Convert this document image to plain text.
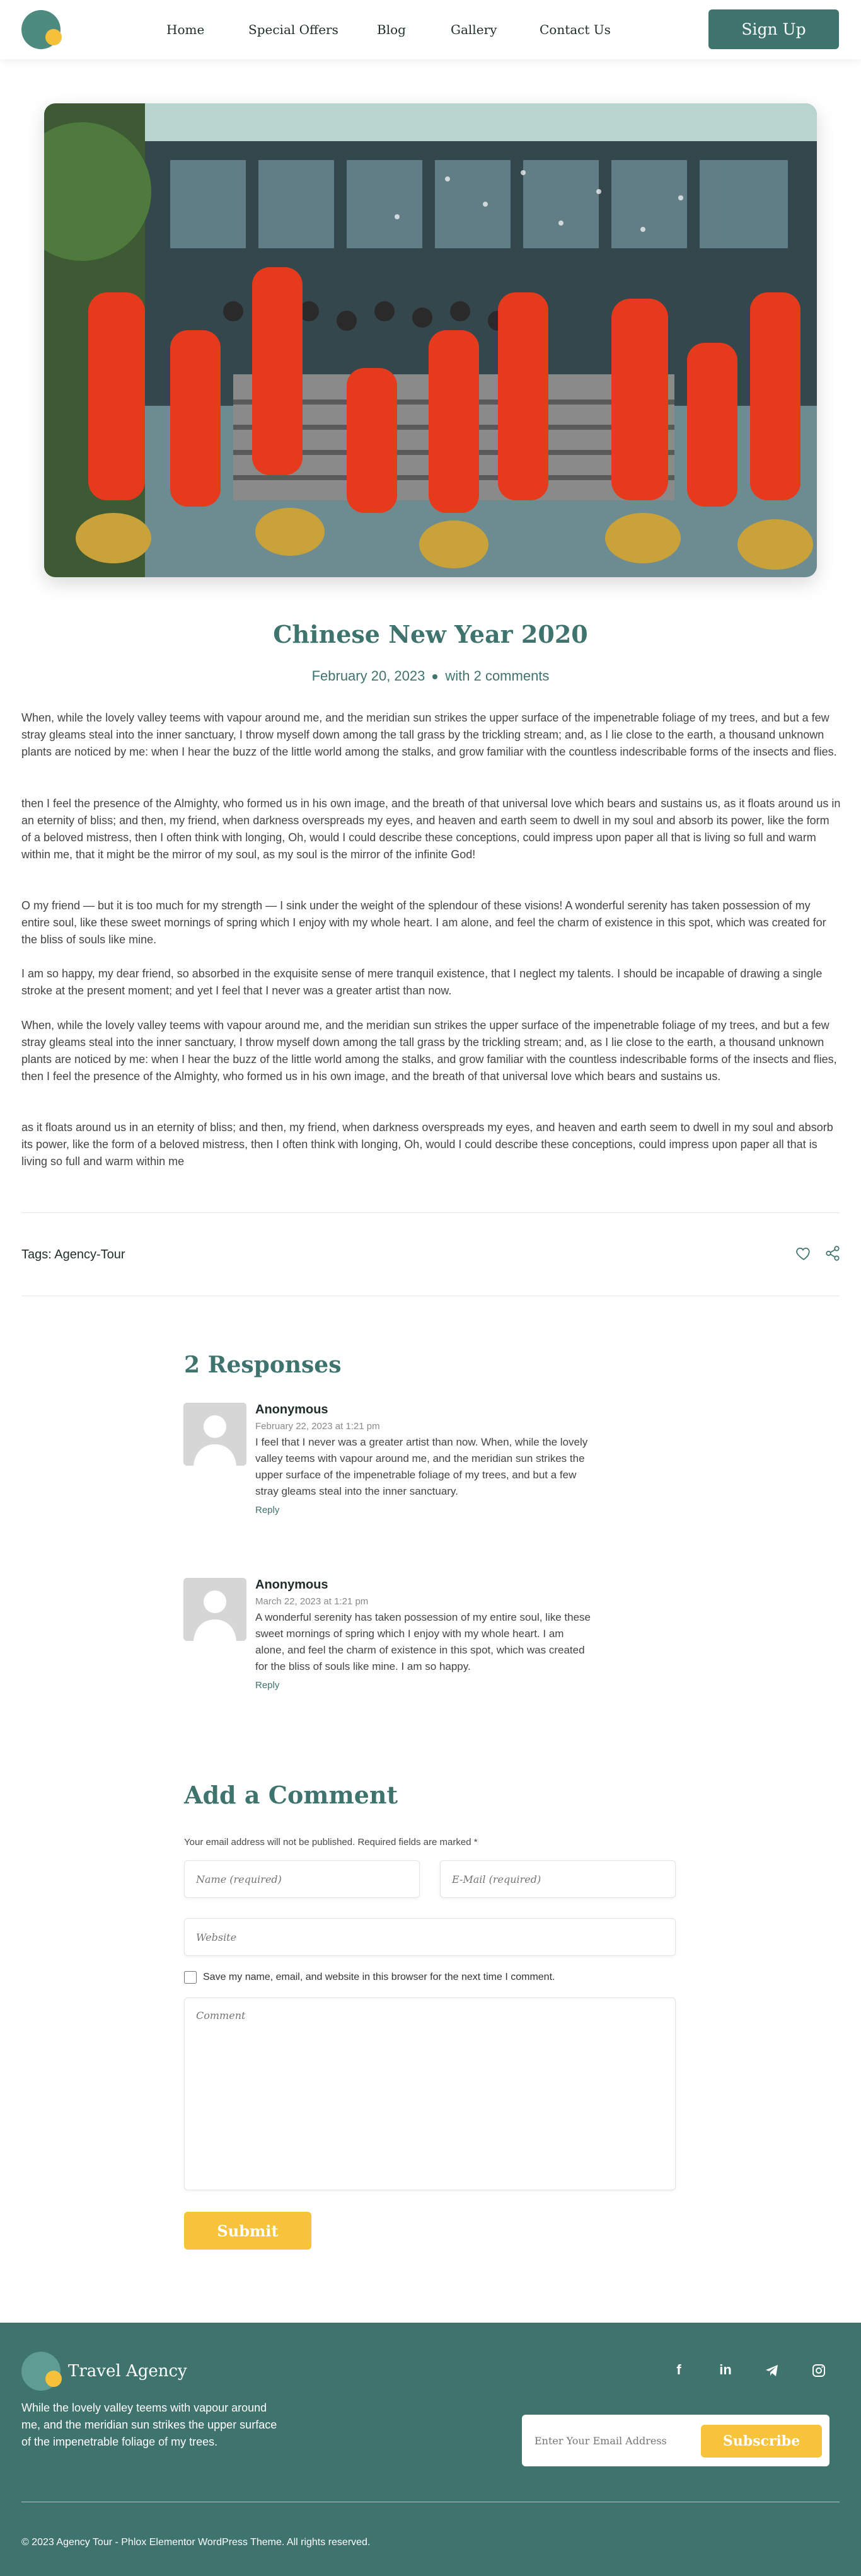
Home	Special Offers	Blog	Gallery	Contact Us	Sign Up
Chinese New Year 2020
February 20, 2023 with 2 comments

When, while the lovely valley teems with vapour around me, and the meridian sun strikes the upper surface of the impenetrable foliage of my trees, and but a few stray gleams steal into the inner sanctuary, I throw myself down among the tall grass by the trickling stream; and, as I lie close to the earth, a thousand unknown plants are noticed by me: when I hear the buzz of the little world among the stalks, and grow familiar with the countless indescribable forms of the insects and flies.

then I feel the presence of the Almighty, who formed us in his own image, and the breath of that universal love which bears and sustains us, as it floats around us in an eternity of bliss; and then, my friend, when darkness overspreads my eyes, and heaven and earth seem to dwell in my soul and absorb its power, like the form of a beloved mistress, then I often think with longing, Oh, would I could describe these conceptions, could impress upon paper all that is living so full and warm within me, that it might be the mirror of my soul, as my soul is the mirror of the infinite God!

O my friend — but it is too much for my strength — I sink under the weight of the splendour of these visions! A wonderful serenity has taken possession of my entire soul, like these sweet mornings of spring which I enjoy with my whole heart. I am alone, and feel the charm of existence in this spot, which was created for the bliss of souls like mine.

I am so happy, my dear friend, so absorbed in the exquisite sense of mere tranquil existence, that I neglect my talents. I should be incapable of drawing a single stroke at the present moment; and yet I feel that I never was a greater artist than now.

When, while the lovely valley teems with vapour around me, and the meridian sun strikes the upper surface of the impenetrable foliage of my trees, and but a few stray gleams steal into the inner sanctuary, I throw myself down among the tall grass by the trickling stream; and, as I lie close to the earth, a thousand unknown plants are noticed by me: when I hear the buzz of the little world among the stalks, and grow familiar with the countless indescribable forms of the insects and flies, then I feel the presence of the Almighty, who formed us in his own image, and the breath of that universal love which bears and sustains us.

as it floats around us in an eternity of bliss; and then, my friend, when darkness overspreads my eyes, and heaven and earth seem to dwell in my soul and absorb its power, like the form of a beloved mistress, then I often think with longing, Oh, would I could describe these conceptions, could impress upon paper all that is living so full and warm within me

Tags: Agency-Tour
2 Responses
Anonymous
February 22, 2023 at 1:21 pm
I feel that I never was a greater artist than now. When, while the lovely valley teems with vapour around me, and the meridian sun strikes the upper surface of the impenetrable foliage of my trees, and but a few stray gleams steal into the inner sanctuary.
Reply
Anonymous
March 22, 2023 at 1:21 pm
A wonderful serenity has taken possession of my entire soul, like these sweet mornings of spring which I enjoy with my whole heart. I am alone, and feel the charm of existence in this spot, which was created for the bliss of souls like mine. I am so happy.
Reply
Add a Comment
Your email address will not be published. Required fields are marked *
Name (required)
E-Mail (required)
Website
Save my name, email, and website in this browser for the next time I comment.
Comment
Submit
Travel Agency
While the lovely valley teems with vapour around me, and the meridian sun strikes the upper surface of the impenetrable foliage of my trees.
f	in
Enter Your Email Address
Subscribe
© 2023 Agency Tour - Phlox Elementor WordPress Theme. All rights reserved.
